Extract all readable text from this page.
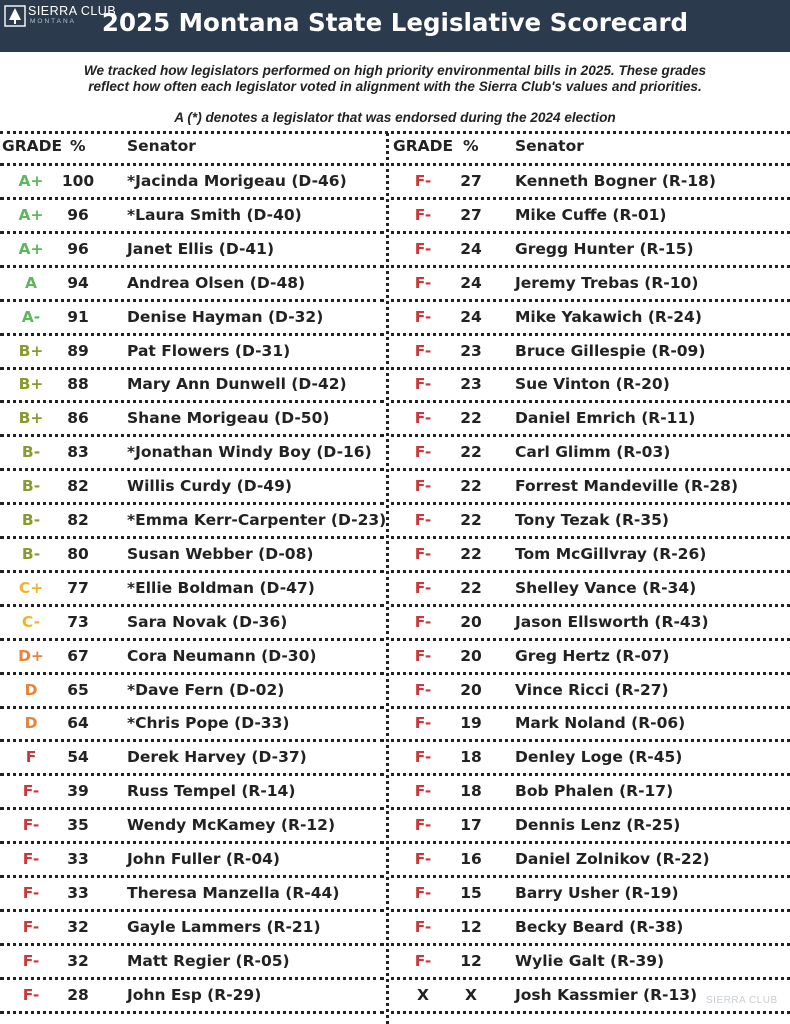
SIERRA CLUB
MONTANA	2025 Montana State Legislative Scorecard
We tracked how legislators performed on high priority environmental bills in 2025. These grades
reflect how often each legislator voted in alignment with the Sierra Club's values and priorities.
A (*) denotes a legislator that was endorsed during the 2024 election
GRADE %	Senator	GRADE % Senator
A+	100 *Jacinda Morigeau (D-46)
A+	96	*Laura Smith (D-40)
A+	96	Janet Ellis (D-41)
A	94	Andrea Olsen (D-48)
A-	91	Denise Hayman (D-32)
B+	89	Pat Flowers (D-31)
B+	88	Mary Ann Dunwell (D-42)
B+	86	Shane Morigeau (D-50)
B-	83	*Jonathan Windy Boy (D-16)
B-	82	Willis Curdy (D-49)
B-	82	*Emma Kerr-Carpenter (D-23)
B-	80	Susan Webber (D-08)
C+	77	*Ellie Boldman (D-47)
C-	73	Sara Novak (D-36)
D+	67	Cora Neumann (D-30)
D	65	*Dave Fern (D-02)
D	64	*Chris Pope (D-33)
F	54	Derek Harvey (D-37)
F-	39	Russ Tempel (R-14)
F-	35	Wendy McKamey (R-12)
F-	33	John Fuller (R-04)
F-	33	Theresa Manzella (R-44)
F-	32	Gayle Lammers (R-21)
F-	32	Matt Regier (R-05)
F-	28	John Esp (R-29)
F-	27	Kenneth Bogner (R-18)
F-	27	Mike Cuffe (R-01)
F-	24	Gregg Hunter (R-15)
F-	24	Jeremy Trebas (R-10)
F-	24	Mike Yakawich (R-24)
F-	23	Bruce Gillespie (R-09)
F-	23	Sue Vinton (R-20)
F-	22	Daniel Emrich (R-11)
F-	22	Carl Glimm (R-03)
F-	22	Forrest Mandeville (R-28)
F-	22	Tony Tezak (R-35)
F-	22	Tom McGillvray (R-26)
F-	22	Shelley Vance (R-34)
F-	20	Jason Ellsworth (R-43)
F-	20	Greg Hertz (R-07)
F-	20	Vince Ricci (R-27)
F-	19	Mark Noland (R-06)
F-	18	Denley Loge (R-45)
F-	18	Bob Phalen (R-17)
F-	17	Dennis Lenz (R-25)
F-	16	Daniel Zolnikov (R-22)
F-	15	Barry Usher (R-19)
F-	12	Becky Beard (R-38)
F-	12	Wylie Galt (R-39)
X	X	Josh Kassmier (R-13) SIERRA CLUB
